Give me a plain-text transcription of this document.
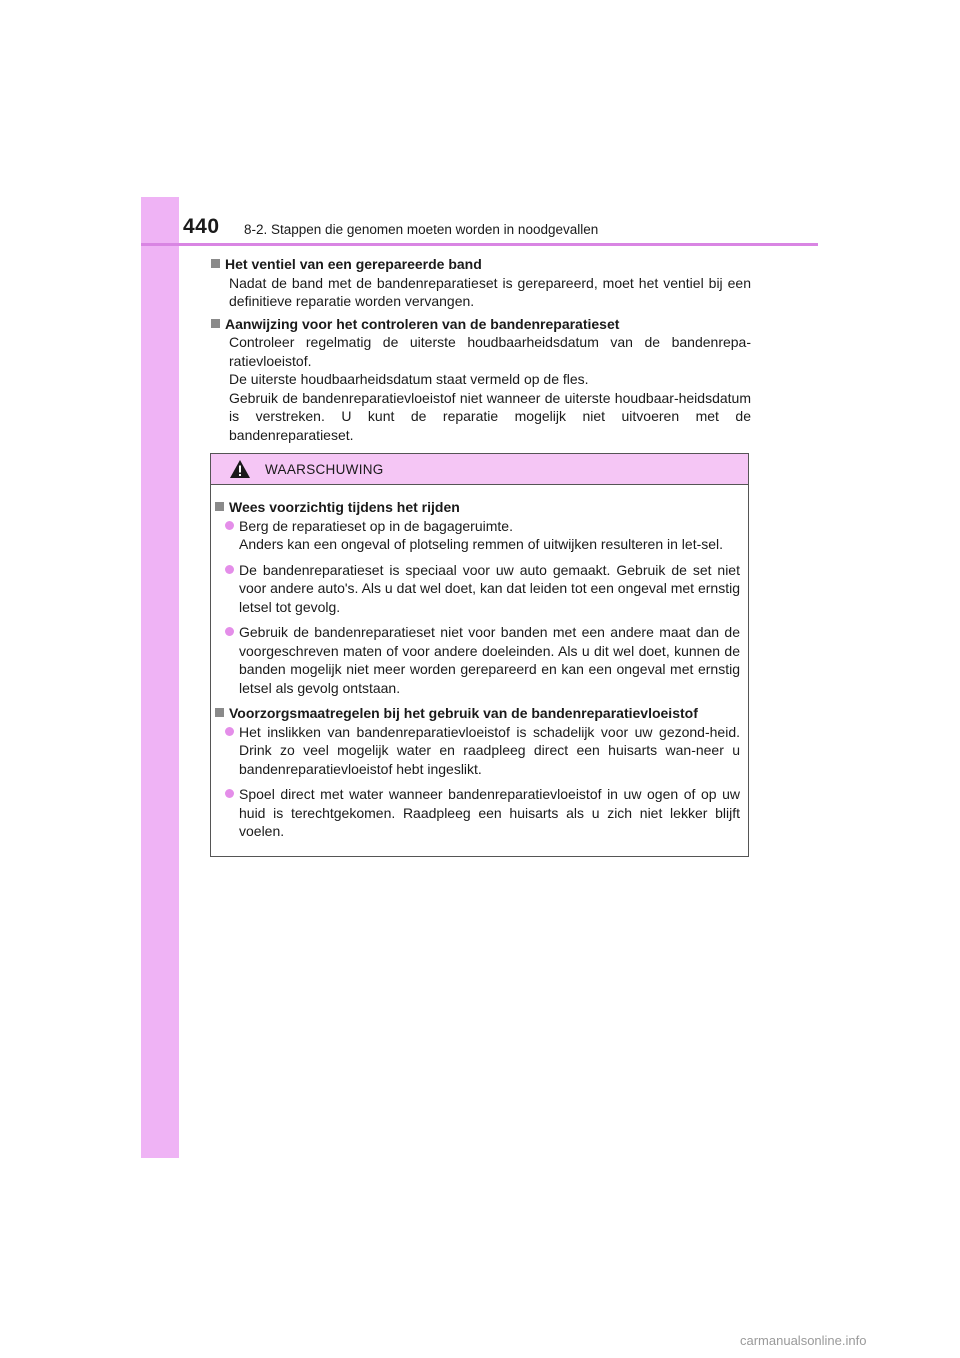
440 8-2. Stappen die genomen moeten worden in noodgevallen
Het ventiel van een gerepareerde band
Nadat de band met de bandenreparatieset is gerepareerd, moet het ventiel bij een definitieve reparatie worden vervangen.
Aanwijzing voor het controleren van de bandenreparatieset
Controleer regelmatig de uiterste houdbaarheidsdatum van de bandenrepa-ratievloeistof.
De uiterste houdbaarheidsdatum staat vermeld op de fles.
Gebruik de bandenreparatievloeistof niet wanneer de uiterste houdbaar-heidsdatum is verstreken. U kunt de reparatie mogelijk niet uitvoeren met de bandenreparatieset.
WAARSCHUWING
Wees voorzichtig tijdens het rijden
Berg de reparatieset op in de bagageruimte.
Anders kan een ongeval of plotseling remmen of uitwijken resulteren in let-sel.
De bandenreparatieset is speciaal voor uw auto gemaakt. Gebruik de set niet voor andere auto's. Als u dat wel doet, kan dat leiden tot een ongeval met ernstig letsel tot gevolg.
Gebruik de bandenreparatieset niet voor banden met een andere maat dan de voorgeschreven maten of voor andere doeleinden. Als u dit wel doet, kunnen de banden mogelijk niet meer worden gerepareerd en kan een ongeval met ernstig letsel als gevolg ontstaan.
Voorzorgsmaatregelen bij het gebruik van de bandenreparatievloeistof
Het inslikken van bandenreparatievloeistof is schadelijk voor uw gezond-heid. Drink zo veel mogelijk water en raadpleeg direct een huisarts wan-neer u bandenreparatievloeistof hebt ingeslikt.
Spoel direct met water wanneer bandenreparatievloeistof in uw ogen of op uw huid is terechtgekomen. Raadpleeg een huisarts als u zich niet lekker blijft voelen.
carmanualsonline.info
